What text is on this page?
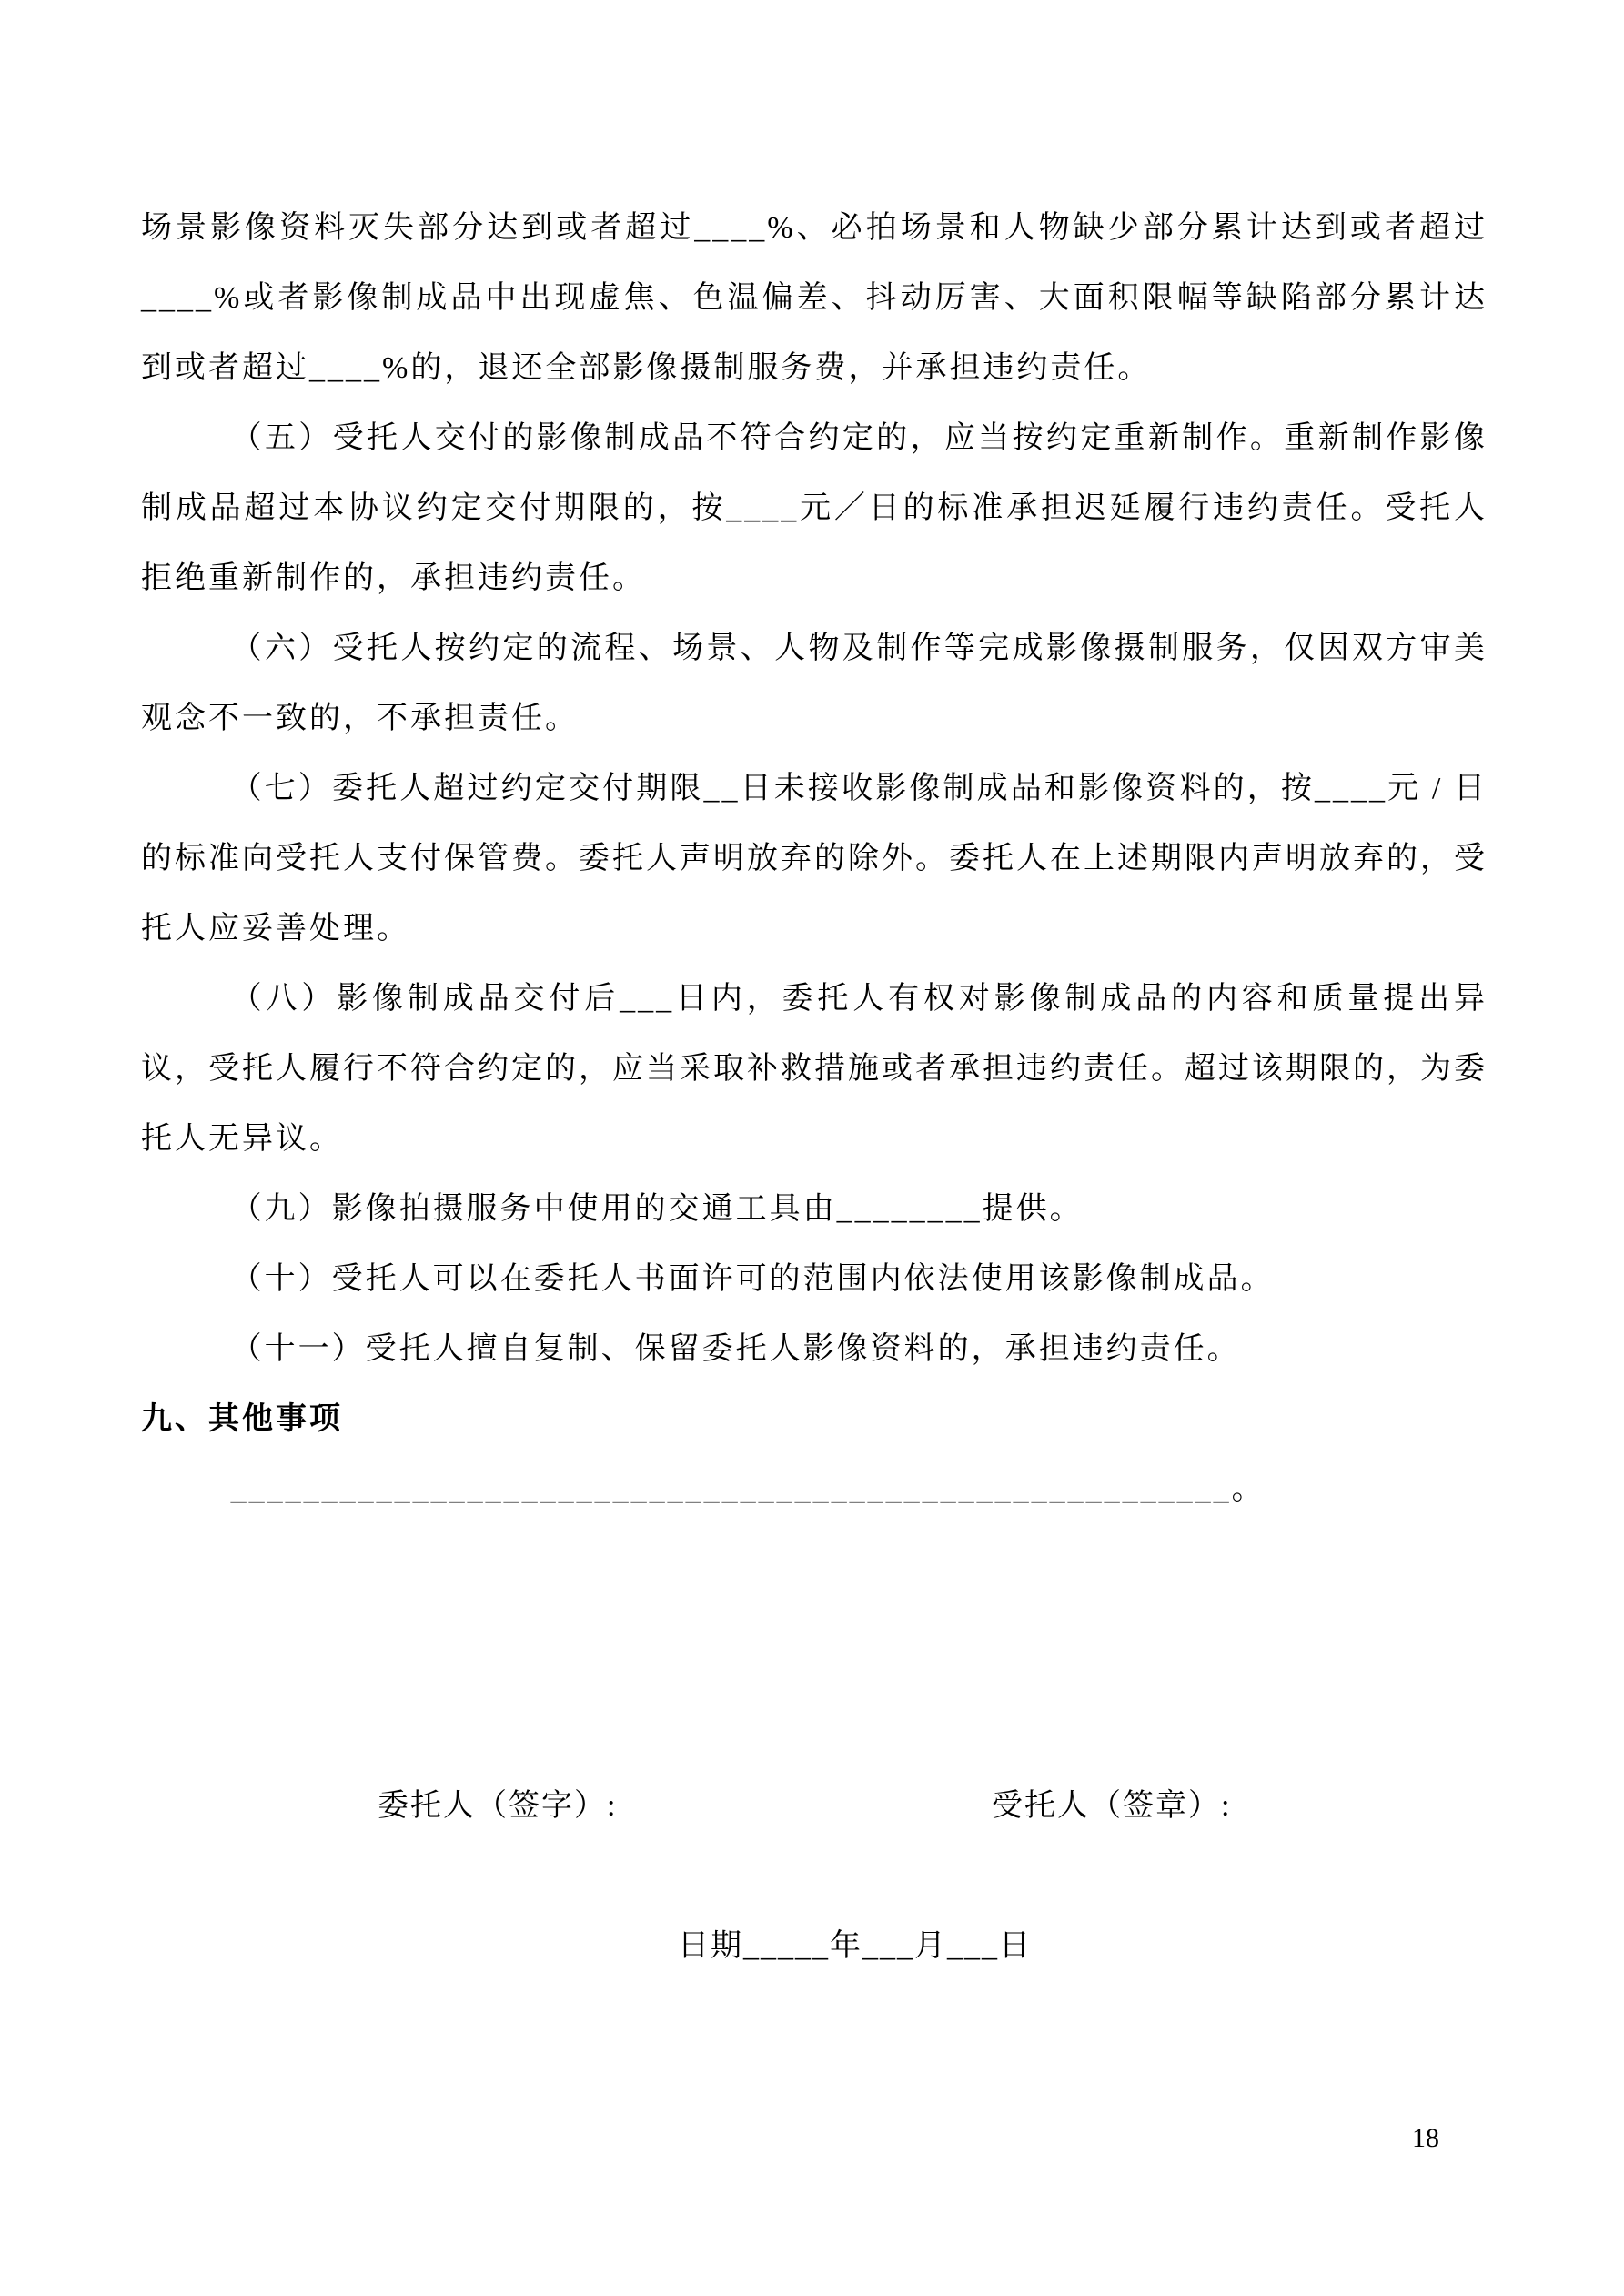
场景影像资料灭失部分达到或者超过____%、必拍场景和人物缺少部分累计达到或者超过____%或者影像制成品中出现虚焦、色温偏差、抖动厉害、大面积限幅等缺陷部分累计达到或者超过____%的，退还全部影像摄制服务费，并承担违约责任。

（五）受托人交付的影像制成品不符合约定的，应当按约定重新制作。重新制作影像制成品超过本协议约定交付期限的，按____元／日的标准承担迟延履行违约责任。受托人拒绝重新制作的，承担违约责任。

（六）受托人按约定的流程、场景、人物及制作等完成影像摄制服务，仅因双方审美观念不一致的，不承担责任。

（七）委托人超过约定交付期限__日未接收影像制成品和影像资料的，按____元 / 日的标准向受托人支付保管费。委托人声明放弃的除外。委托人在上述期限内声明放弃的，受托人应妥善处理。

（八）影像制成品交付后___日内，委托人有权对影像制成品的内容和质量提出异议，受托人履行不符合约定的，应当采取补救措施或者承担违约责任。超过该期限的，为委托人无异议。

（九）影像拍摄服务中使用的交通工具由________提供。

（十）受托人可以在委托人书面许可的范围内依法使用该影像制成品。

（十一）受托人擅自复制、保留委托人影像资料的，承担违约责任。

九、其他事项

_______________________________________________________。

委托人（签字）:	受托人（签章）:
日期_____年___月___日
18
